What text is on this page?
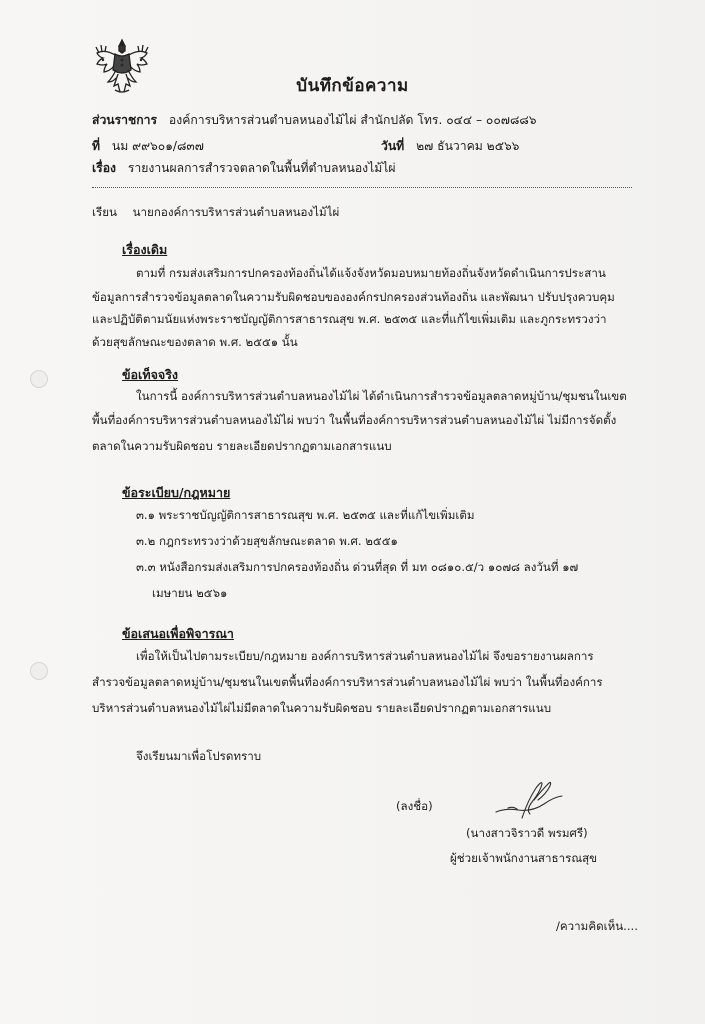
บันทึกข้อความ
ส่วนราชการ องค์การบริหารส่วนตำบลหนองไม้ไผ่ สำนักปลัด โทร. ๐๔๔ – ๐๐๗๘๘๖
ที่ นม ๙๙๖๐๑/๘๓๗	วันที่ ๒๗ ธันวาคม ๒๕๖๖
เรื่อง รายงานผลการสำรวจตลาดในพื้นที่ตำบลหนองไม้ไผ่
เรียน นายกองค์การบริหารส่วนตำบลหนองไม้ไผ่
เรื่องเดิม
ตามที่ กรมส่งเสริมการปกครองท้องถิ่นได้แจ้งจังหวัดมอบหมายท้องถิ่นจังหวัดดำเนินการประสาน
ข้อมูลการสำรวจข้อมูลตลาดในความรับผิดชอบขององค์กรปกครองส่วนท้องถิ่น และพัฒนา ปรับปรุงควบคุม
และปฏิบัติตามนัยแห่งพระราชบัญญัติการสาธารณสุข พ.ศ. ๒๕๓๕ และที่แก้ไขเพิ่มเติม และภูกระทรวงว่า
ด้วยสุขลักษณะของตลาด พ.ศ. ๒๕๕๑ นั้น
ข้อเท็จจริง
ในการนี้ องค์การบริหารส่วนตำบลหนองไม้ไผ่ ได้ดำเนินการสำรวจข้อมูลตลาดหมู่บ้าน/ชุมชนในเขต
พื้นที่องค์การบริหารส่วนตำบลหนองไม้ไผ่ พบว่า ในพื้นที่องค์การบริหารส่วนตำบลหนองไม้ไผ่ ไม่มีการจัดตั้ง
ตลาดในความรับผิดชอบ รายละเอียดปรากฏตามเอกสารแนบ
ข้อระเบียบ/กฎหมาย
๓.๑ พระราชบัญญัติการสาธารณสุข พ.ศ. ๒๕๓๕ และที่แก้ไขเพิ่มเติม
๓.๒ กฎกระทรวงว่าด้วยสุขลักษณะตลาด พ.ศ. ๒๕๕๑
๓.๓ หนังสือกรมส่งเสริมการปกครองท้องถิ่น ด่วนที่สุด ที่ มท ๐๘๑๐.๕/ว ๑๐๗๘ ลงวันที่ ๑๗
เมษายน ๒๕๖๑
ข้อเสนอเพื่อพิจารณา
เพื่อให้เป็นไปตามระเบียบ/กฎหมาย องค์การบริหารส่วนตำบลหนองไม้ไผ่ จึงขอรายงานผลการ
สำรวจข้อมูลตลาดหมู่บ้าน/ชุมชนในเขตพื้นที่องค์การบริหารส่วนตำบลหนองไม้ไผ่ พบว่า ในพื้นที่องค์การ
บริหารส่วนตำบลหนองไม้ไผ่ไม่มีตลาดในความรับผิดชอบ รายละเอียดปรากฏตามเอกสารแนบ
จึงเรียนมาเพื่อโปรดทราบ
(ลงชื่อ)
(นางสาวจิราวดี พรมศรี)
ผู้ช่วยเจ้าพนักงานสาธารณสุข
/ความคิดเห็น....
